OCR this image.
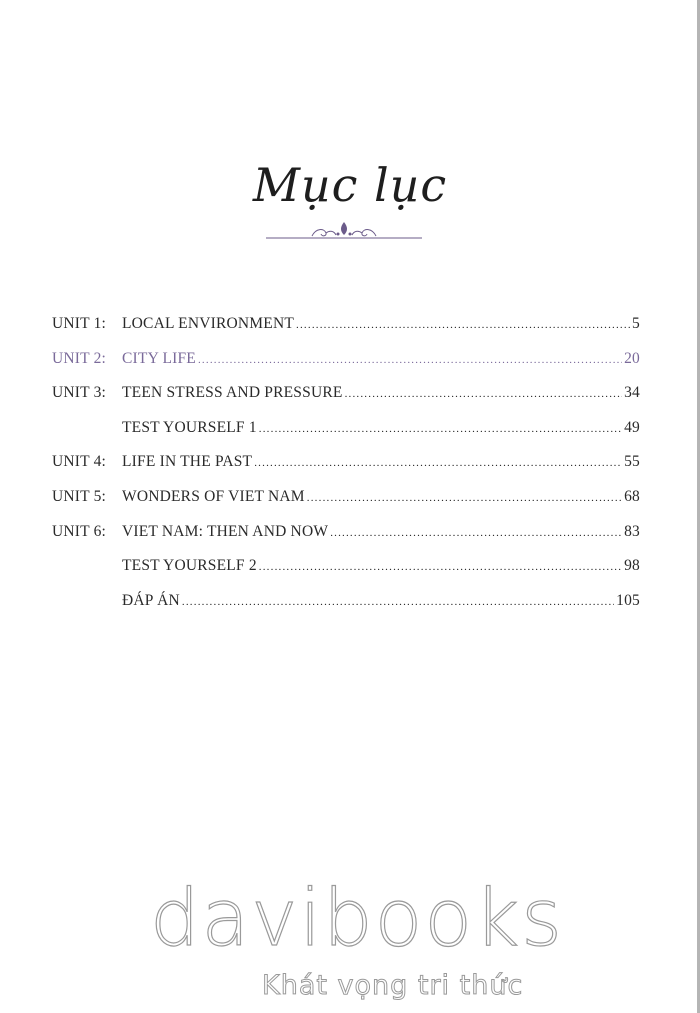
Mục lục
UNIT 1:	LOCAL ENVIRONMENT .....	5
UNIT 2:	CITY LIFE .....	20
UNIT 3:	TEEN STRESS AND PRESSURE .....	34
TEST YOURSELF 1 .....	49
UNIT 4:	LIFE IN THE PAST .....	55
UNIT 5:	WONDERS OF VIET NAM .....	68
UNIT 6:	VIET NAM: THEN AND NOW .....	83
TEST YOURSELF 2 .....	98
ĐÁP ÁN .....	105
davibooks
Khát vọng tri thức
